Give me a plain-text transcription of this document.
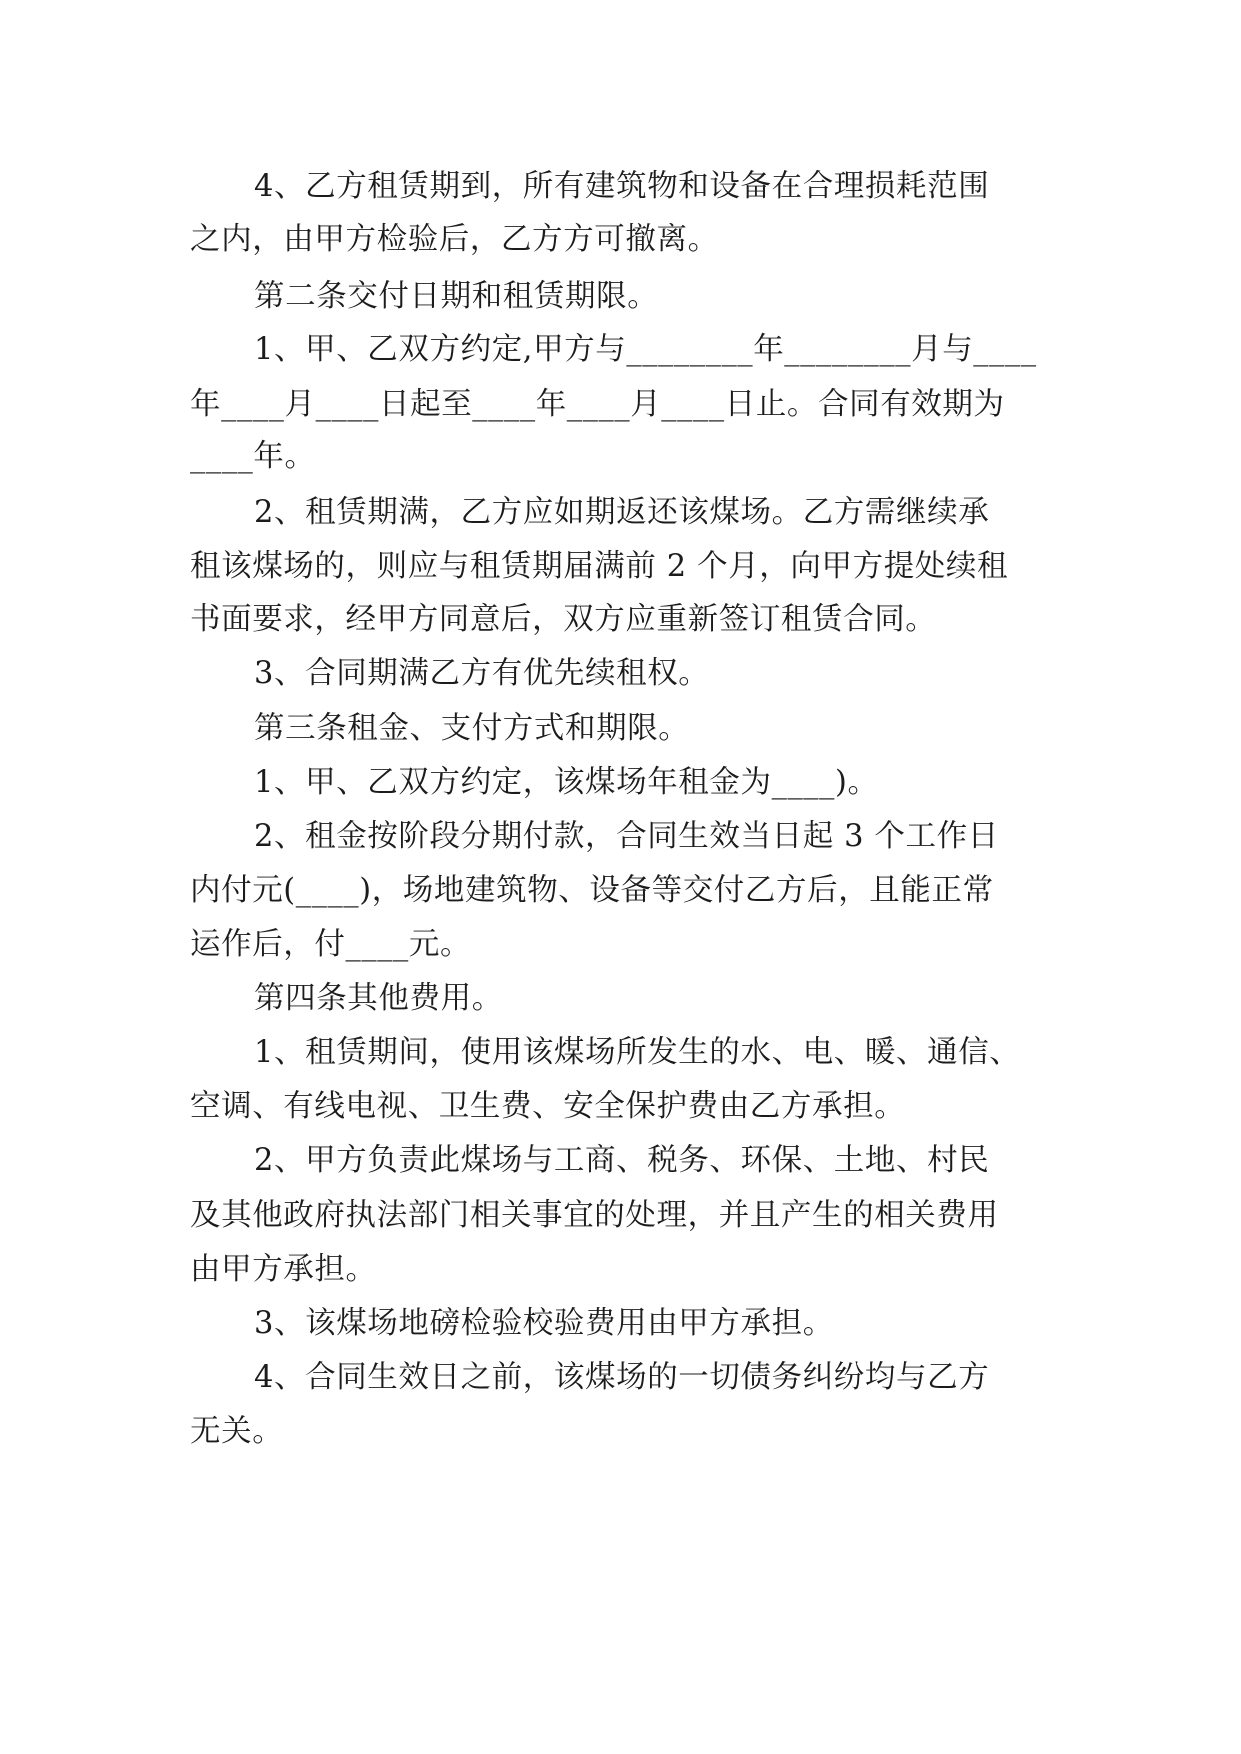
4、乙方租赁期到，所有建筑物和设备在合理损耗范围
之内，由甲方检验后，乙方方可撤离。
第二条交付日期和租赁期限。
1、甲、乙双方约定,甲方与________年________月与____
年____月____日起至____年____月____日止。合同有效期为
____年。
2、租赁期满，乙方应如期返还该煤场。乙方需继续承
租该煤场的，则应与租赁期届满前 2 个月，向甲方提处续租
书面要求，经甲方同意后，双方应重新签订租赁合同。
3、合同期满乙方有优先续租权。
第三条租金、支付方式和期限。
1、甲、乙双方约定，该煤场年租金为____)。
2、租金按阶段分期付款，合同生效当日起 3 个工作日
内付元(____)，场地建筑物、设备等交付乙方后，且能正常
运作后，付____元。
第四条其他费用。
1、租赁期间，使用该煤场所发生的水、电、暖、通信、
空调、有线电视、卫生费、安全保护费由乙方承担。
2、甲方负责此煤场与工商、税务、环保、土地、村民
及其他政府执法部门相关事宜的处理，并且产生的相关费用
由甲方承担。
3、该煤场地磅检验校验费用由甲方承担。
4、合同生效日之前，该煤场的一切债务纠纷均与乙方
无关。
